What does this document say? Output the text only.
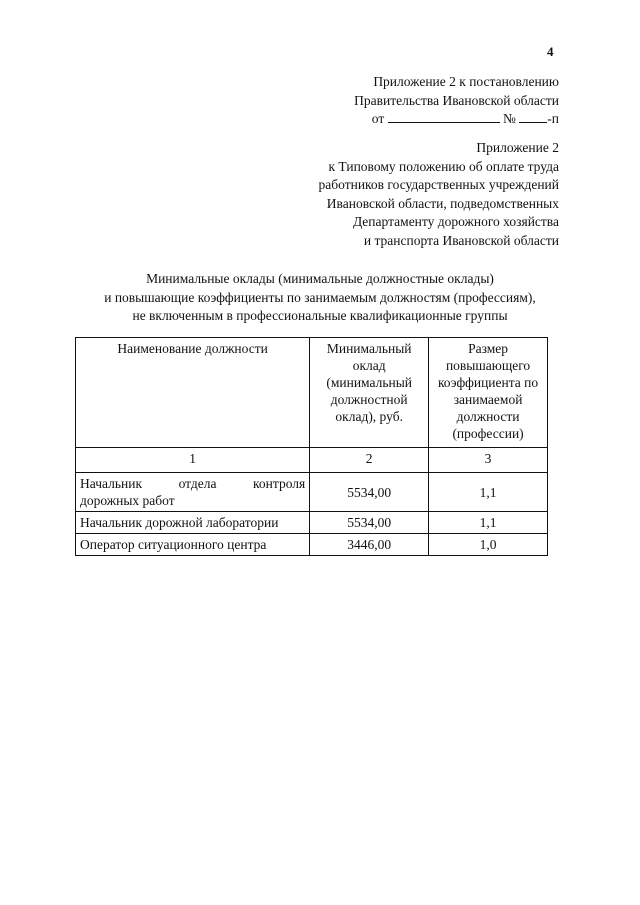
4
Приложение 2 к постановлению
Правительства Ивановской области
от	№ -п
Приложение 2
к Типовому положению об оплате труда
работников государственных учреждений
Ивановской области, подведомственных
Департаменту дорожного хозяйства
и транспорта Ивановской области
Минимальные оклады (минимальные должностные оклады)
и повышающие коэффициенты по занимаемым должностям (профессиям),
не включенным в профессиональные квалификационные группы
Наименование должности	Минимальный оклад (минимальный должностной оклад), руб.	Размер повышающего коэффициента по занимаемой должности (профессии)
1	2	3

Начальник отдела контроля
дорожных работ	5534,00	1,1
Начальник дорожной лаборатории	5534,00	1,1
Оператор ситуационного центра	3446,00	1,0
